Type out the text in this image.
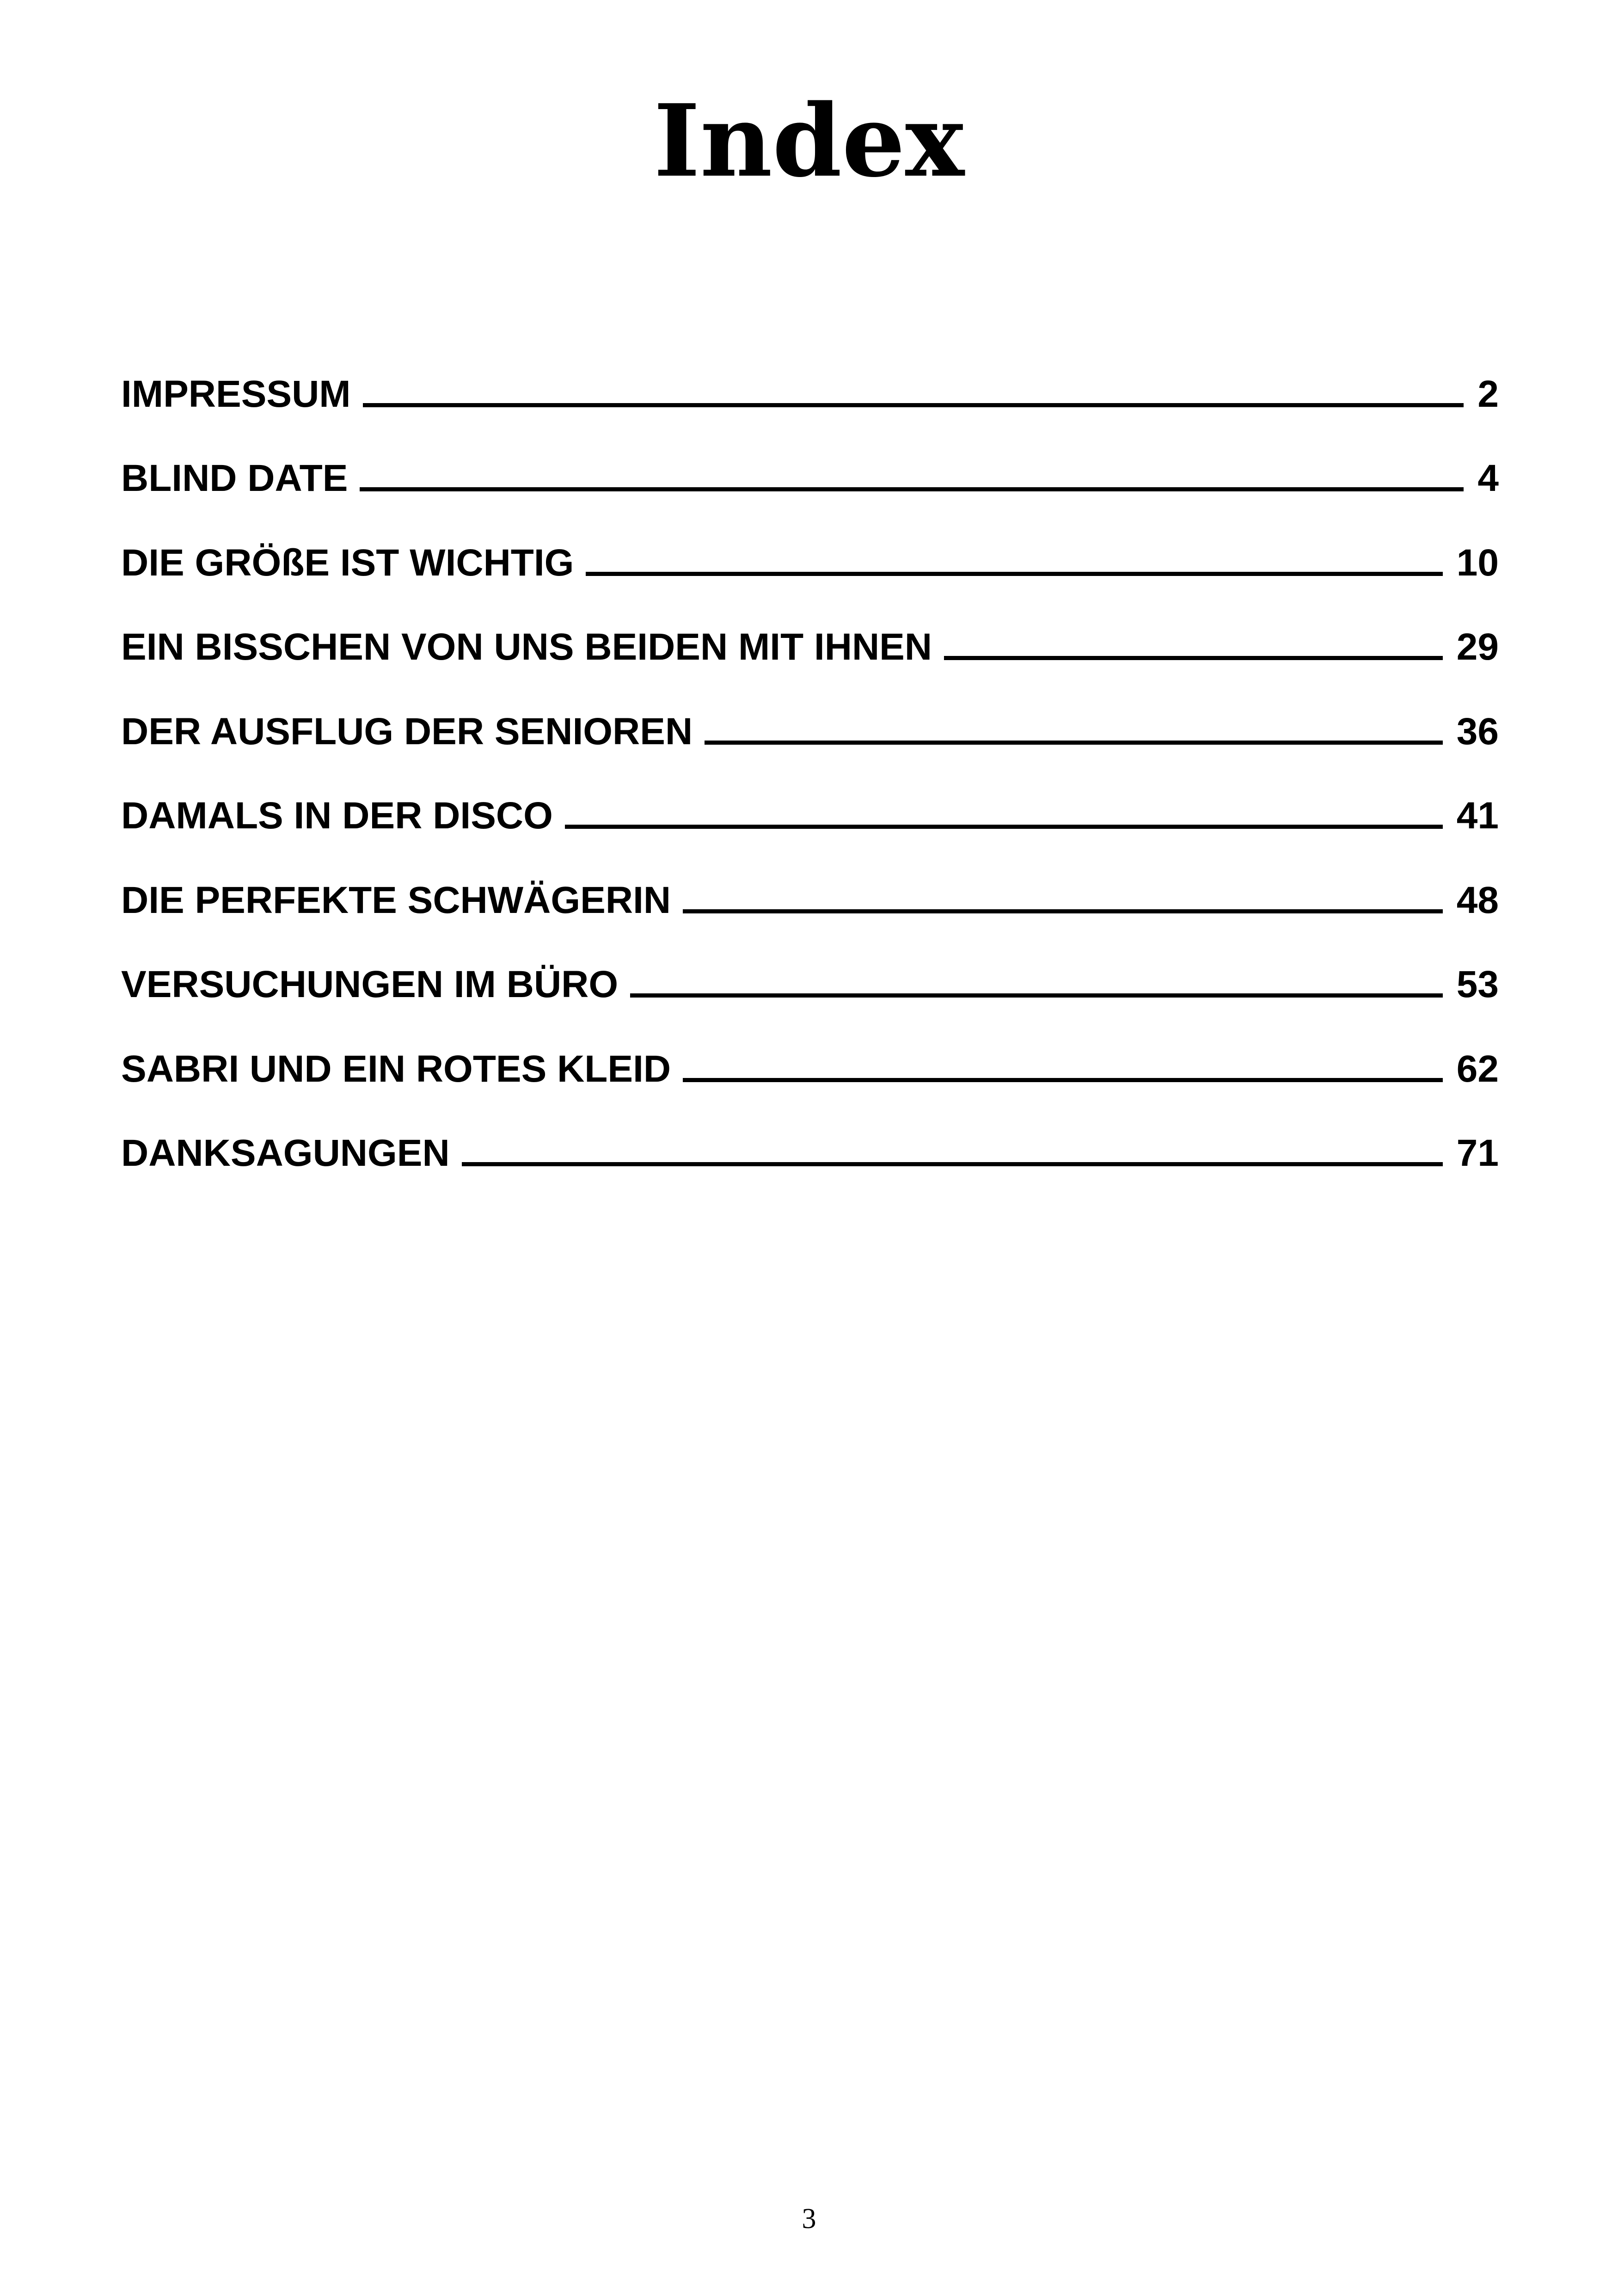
Index
IMPRESSUM	2
BLIND DATE	4
DIE GRÖßE IST WICHTIG	10
EIN BISSCHEN VON UNS BEIDEN MIT IHNEN	29
DER AUSFLUG DER SENIOREN	36
DAMALS IN DER DISCO	41
DIE PERFEKTE SCHWÄGERIN	48
VERSUCHUNGEN IM BÜRO	53
SABRI UND EIN ROTES KLEID	62
DANKSAGUNGEN	71
3
